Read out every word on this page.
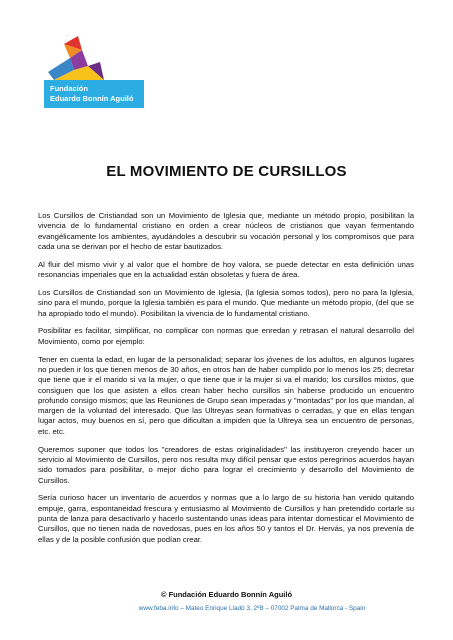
Fundación
Eduardo Bonnín Aguiló
EL MOVIMIENTO DE CURSILLOS

Los Cursillos de Cristiandad son un Movimiento de Iglesia que, mediante un método propio, posibilitan la vivencia de lo fundamental cristiano en orden a crear núcleos de cristianos que vayan fermentando evangélicamente los ambientes, ayudándoles a descubrir su vocación personal y los compromisos que para cada una se derivan por el hecho de estar bautizados.

Al fluir del mismo vivir y al valor que el hombre de hoy valora, se puede detectar en esta definición unas resonancias imperiales que en la actualidad están obsoletas y fuera de área.

Los Cursillos de Cristiandad son un Movimiento de Iglesia, (la Iglesia somos todos), pero no para la Iglesia, sino para el mundo, porque la Iglesia también es para el mundo. Que mediante un método propio, (del que se ha apropiado todo el mundo). Posibilitan la vivencia de lo fundamental cristiano.

Posibilitar es facilitar, simplificar, no complicar con normas que enredan y retrasan el natural desarrollo del Movimiento, como por ejemplo:

Tener en cuenta la edad, en lugar de la personalidad; separar los jóvenes de los adultos, en algunos lugares no pueden ir los que tienen menos de 30 años, en otros han de haber cumplido por lo menos los 25; decretar que tiene que ir el marido si va la mujer, o que tiene que ir la mujer si va el marido; los cursillos mixtos, que consiguen que los que asisten a ellos crean haber hecho cursillos sin haberse producido un encuentro profundo consigo mismos; que las Reuniones de Grupo sean imperadas y "montadas" por los que mandan, al margen de la voluntad del interesado. Que las Ultreyas sean formativas o cerradas, y que en ellas tengan lugar actos, muy buenos en sí, pero que dificultan a impiden que la Ultreya sea un encuentro de personas, etc. etc.

Queremos suponer que todos los "creadores de estas originalidades" las instituyeron creyendo hacer un servicio al Movimiento de Cursillos, pero nos resulta muy difícil pensar que estos peregrinos acuerdos hayan sido tomados para posibilitar, o mejor dicho para lograr el crecimiento y desarrollo del Movimiento de Cursillos.

Sería curioso hacer un inventario de acuerdos y normas que a lo largo de su historia han venido quitando empuje, garra, espontaneidad frescura y entusiasmo al Movimiento de Cursillos y han pretendido cortarle su punta de lanza para desactivarlo y hacerlo sustentando unas ideas para intentar domesticar el Movimiento de Cursillos, que no tienen nada de novedosas, pues en los años 50 y tantos el Dr. Hervás, ya nos prevenía de ellas y de la posible confusión que podían crear.

© Fundación Eduardo Bonnín Aguiló
www.feba.info – Mateo Enrique Lladó 3, 2ºB – 07002 Palma de Mallorca - Spain
